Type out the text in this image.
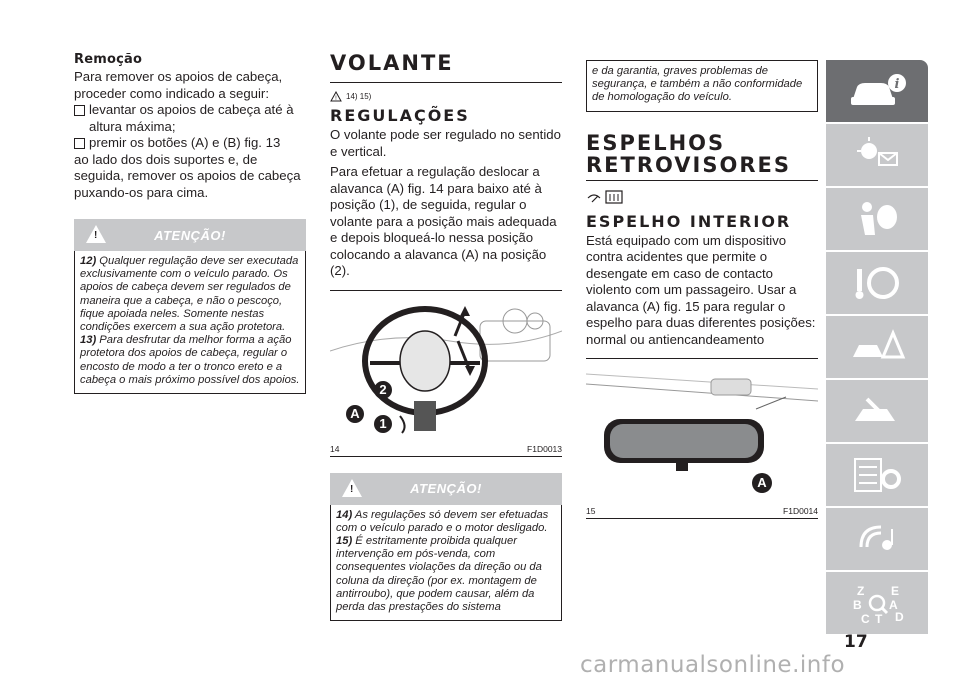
Remoção

Para remover os apoios de cabeça, proceder como indicado a seguir:

levantar os apoios de cabeça até à altura máxima;
premir os botões (A) e (B) fig. 13

ao lado dos dois suportes e, de seguida, remover os apoios de cabeça puxando-os para cima.

!	ATENÇÃO!

12) Qualquer regulação deve ser executada exclusivamente com o veículo parado. Os apoios de cabeça devem ser regulados de maneira que a cabeça, e não o pescoço, fique apoiada neles. Somente nestas condições exercem a sua ação protetora.

13) Para desfrutar da melhor forma a ação protetora dos apoios de cabeça, regular o encosto de modo a ter o tronco ereto e a cabeça o mais próximo possível dos apoios.

VOLANTE

! 14) 15)

REGULAÇÕES

O volante pode ser regulado no sentido e vertical.

Para efetuar a regulação deslocar a alavanca (A) fig. 14 para baixo até à posição (1), de seguida, regular o volante para a posição mais adequada e depois bloqueá-lo nessa posição colocando a alavanca (A) na posição (2).

2
A
1
14	F1D0013
!	ATENÇÃO!

14) As regulações só devem ser efetuadas com o veículo parado e o motor desligado.

15) É estritamente proibida qualquer intervenção em pós-venda, com consequentes violações da direção ou da coluna da direção (por ex. montagem de antirroubo), que podem causar, além da perda das prestações do sistema

e da garantia, graves problemas de segurança, e também a não conformidade de homologação do veículo.

ESPELHOS RETROVISORES

ESPELHO INTERIOR

Está equipado com um dispositivo contra acidentes que permite o desengate em caso de contacto violento com um passageiro. Usar a alavanca (A) fig. 15 para regular o espelho para duas diferentes posições: normal ou antiencandeamento

A
15	F1D0014
i
Z E
A
B
C T D
17
carmanualsonline.info
